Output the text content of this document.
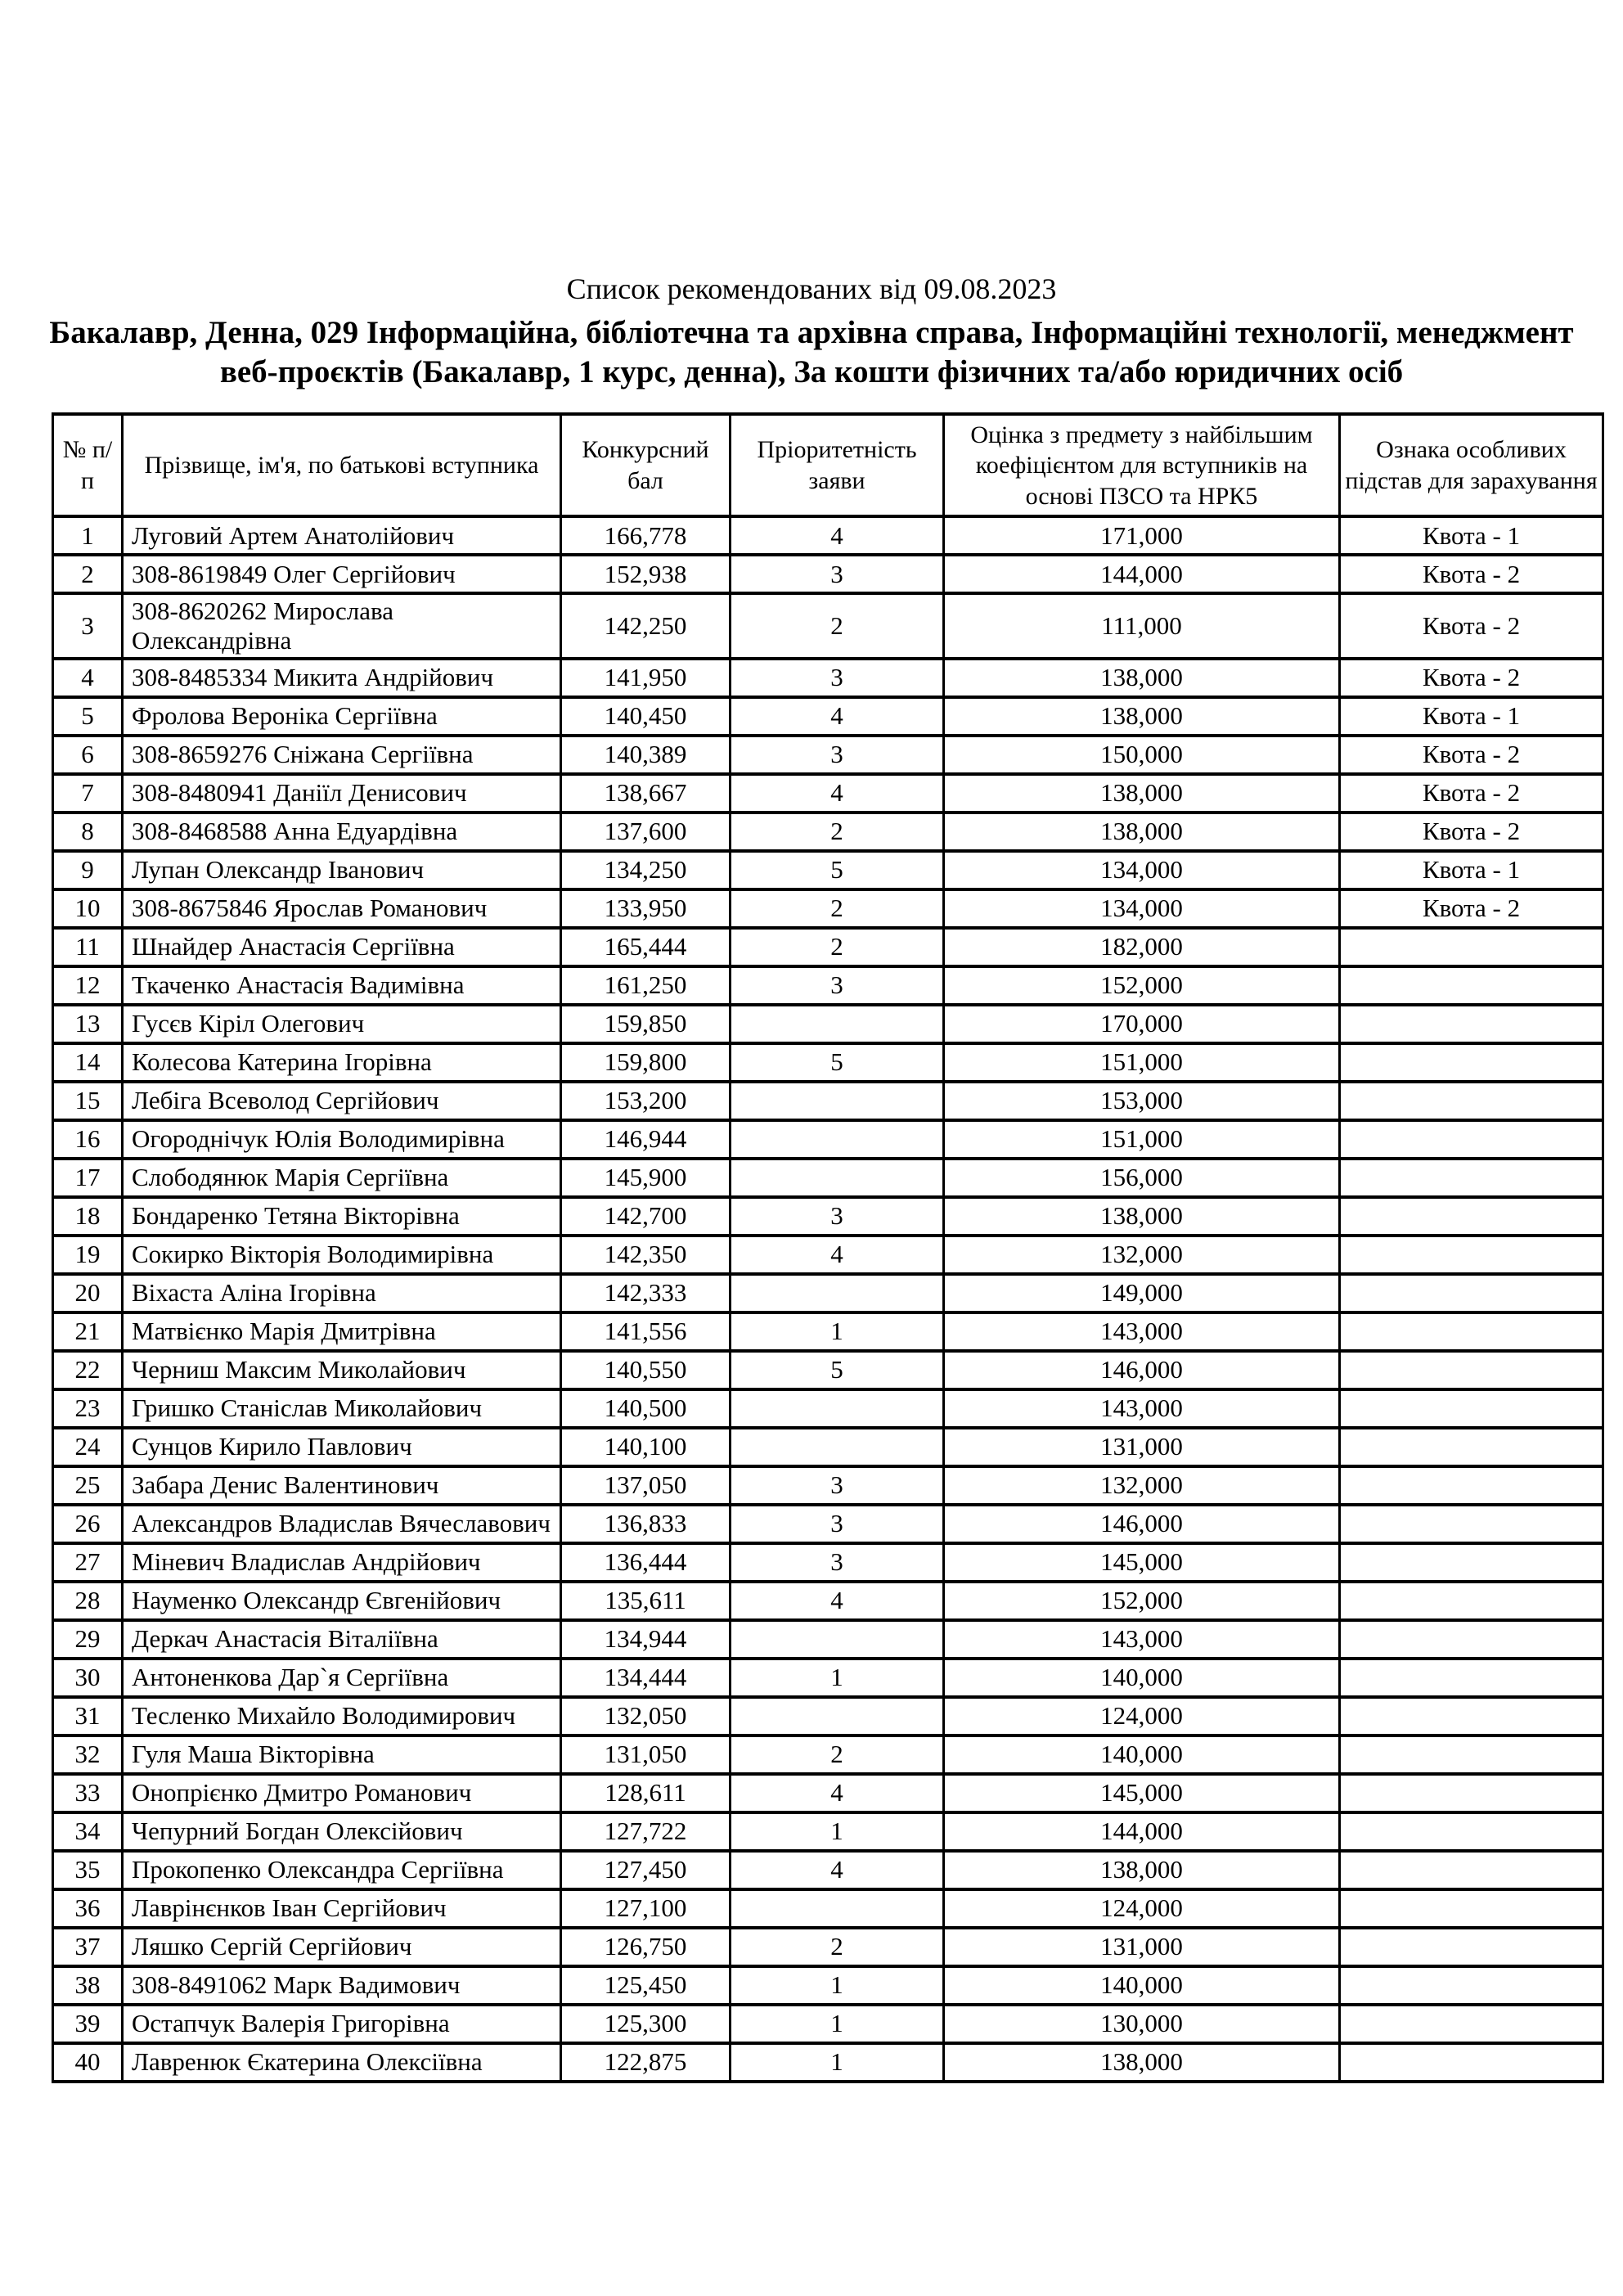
Список рекомендованих від 09.08.2023
Бакалавр, Денна, 029 Інформаційна, бібліотечна та архівна справа, Інформаційні технології, менеджмент веб-проєктів (Бакалавр, 1 курс, денна), За кошти фізичних та/або юридичних осіб
№ п/п	Прізвище, ім'я, по батькові вступника	Конкурсний бал	Пріоритетність заяви	Оцінка з предмету з найбільшим коефіцієнтом для вступників на основі ПЗСО та НРК5	Ознака особливих підстав для зарахування
1	Луговий Артем Анатолійович	166,778	4	171,000	Квота - 1
2	308-8619849 Олег Сергійович	152,938	3	144,000	Квота - 2
3	308-8620262 Мирослава Олександрівна	142,250	2	111,000	Квота - 2
4	308-8485334 Микита Андрійович	141,950	3	138,000	Квота - 2
5	Фролова Вероніка Сергіївна	140,450	4	138,000	Квота - 1
6	308-8659276 Сніжана Сергіївна	140,389	3	150,000	Квота - 2
7	308-8480941 Даніїл Денисович	138,667	4	138,000	Квота - 2
8	308-8468588 Анна Едуардівна	137,600	2	138,000	Квота - 2
9	Лупан Олександр Іванович	134,250	5	134,000	Квота - 1
10	308-8675846 Ярослав Романович	133,950	2	134,000	Квота - 2
11	Шнайдер Анастасія Сергіївна	165,444	2	182,000	
12	Ткаченко Анастасія Вадимівна	161,250	3	152,000	
13	Гусєв Кіріл Олегович	159,850		170,000	
14	Колесова Катерина Ігорівна	159,800	5	151,000	
15	Лебіга Всеволод Сергійович	153,200		153,000	
16	Огороднічук Юлія Володимирівна	146,944		151,000	
17	Слободянюк Марія Сергіївна	145,900		156,000	
18	Бондаренко Тетяна Вікторівна	142,700	3	138,000	
19	Сокирко Вікторія Володимирівна	142,350	4	132,000	
20	Віхаста Аліна Ігорівна	142,333		149,000	
21	Матвієнко Марія Дмитрівна	141,556	1	143,000	
22	Черниш Максим Миколайович	140,550	5	146,000	
23	Гришко Станіслав Миколайович	140,500		143,000	
24	Сунцов Кирило Павлович	140,100		131,000	
25	Забара Денис Валентинович	137,050	3	132,000	
26	Александров Владислав Вячеславович	136,833	3	146,000	
27	Міневич Владислав Андрійович	136,444	3	145,000	
28	Науменко Олександр Євгенійович	135,611	4	152,000	
29	Деркач Анастасія Віталіївна	134,944		143,000	
30	Антоненкова Дар`я Сергіївна	134,444	1	140,000	
31	Тесленко Михайло Володимирович	132,050		124,000	
32	Гуля Маша Вікторівна	131,050	2	140,000	
33	Онопрієнко Дмитро Романович	128,611	4	145,000	
34	Чепурний Богдан Олексійович	127,722	1	144,000	
35	Прокопенко Олександра Сергіївна	127,450	4	138,000	
36	Лаврінєнков Іван Сергійович	127,100		124,000	
37	Ляшко Сергій Сергійович	126,750	2	131,000	
38	308-8491062 Марк Вадимович	125,450	1	140,000	
39	Остапчук Валерія Григорівна	125,300	1	130,000	
40	Лавренюк Єкатерина Олексіївна	122,875	1	138,000	
